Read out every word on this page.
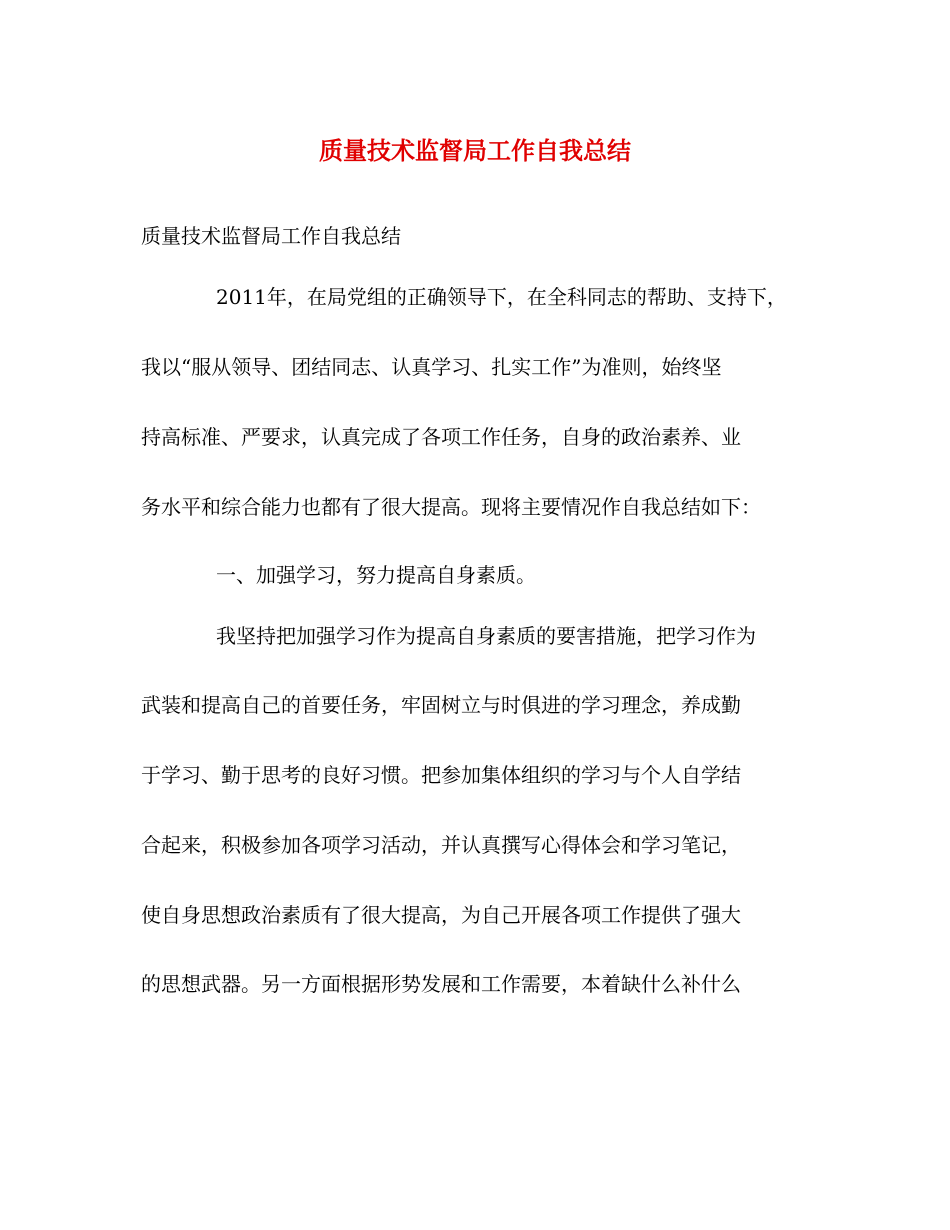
质量技术监督局工作自我总结
质量技术监督局工作自我总结
2011年，在局党组的正确领导下，在全科同志的帮助、支持下，
我以“服从领导、团结同志、认真学习、扎实工作”为准则，始终坚
持高标准、严要求，认真完成了各项工作任务，自身的政治素养、业
务水平和综合能力也都有了很大提高。现将主要情况作自我总结如下：
一、加强学习，努力提高自身素质。
我坚持把加强学习作为提高自身素质的要害措施，把学习作为
武装和提高自己的首要任务，牢固树立与时俱进的学习理念，养成勤
于学习、勤于思考的良好习惯。把参加集体组织的学习与个人自学结
合起来，积极参加各项学习活动，并认真撰写心得体会和学习笔记，
使自身思想政治素质有了很大提高，为自己开展各项工作提供了强大
的思想武器。另一方面根据形势发展和工作需要，本着缺什么补什么
